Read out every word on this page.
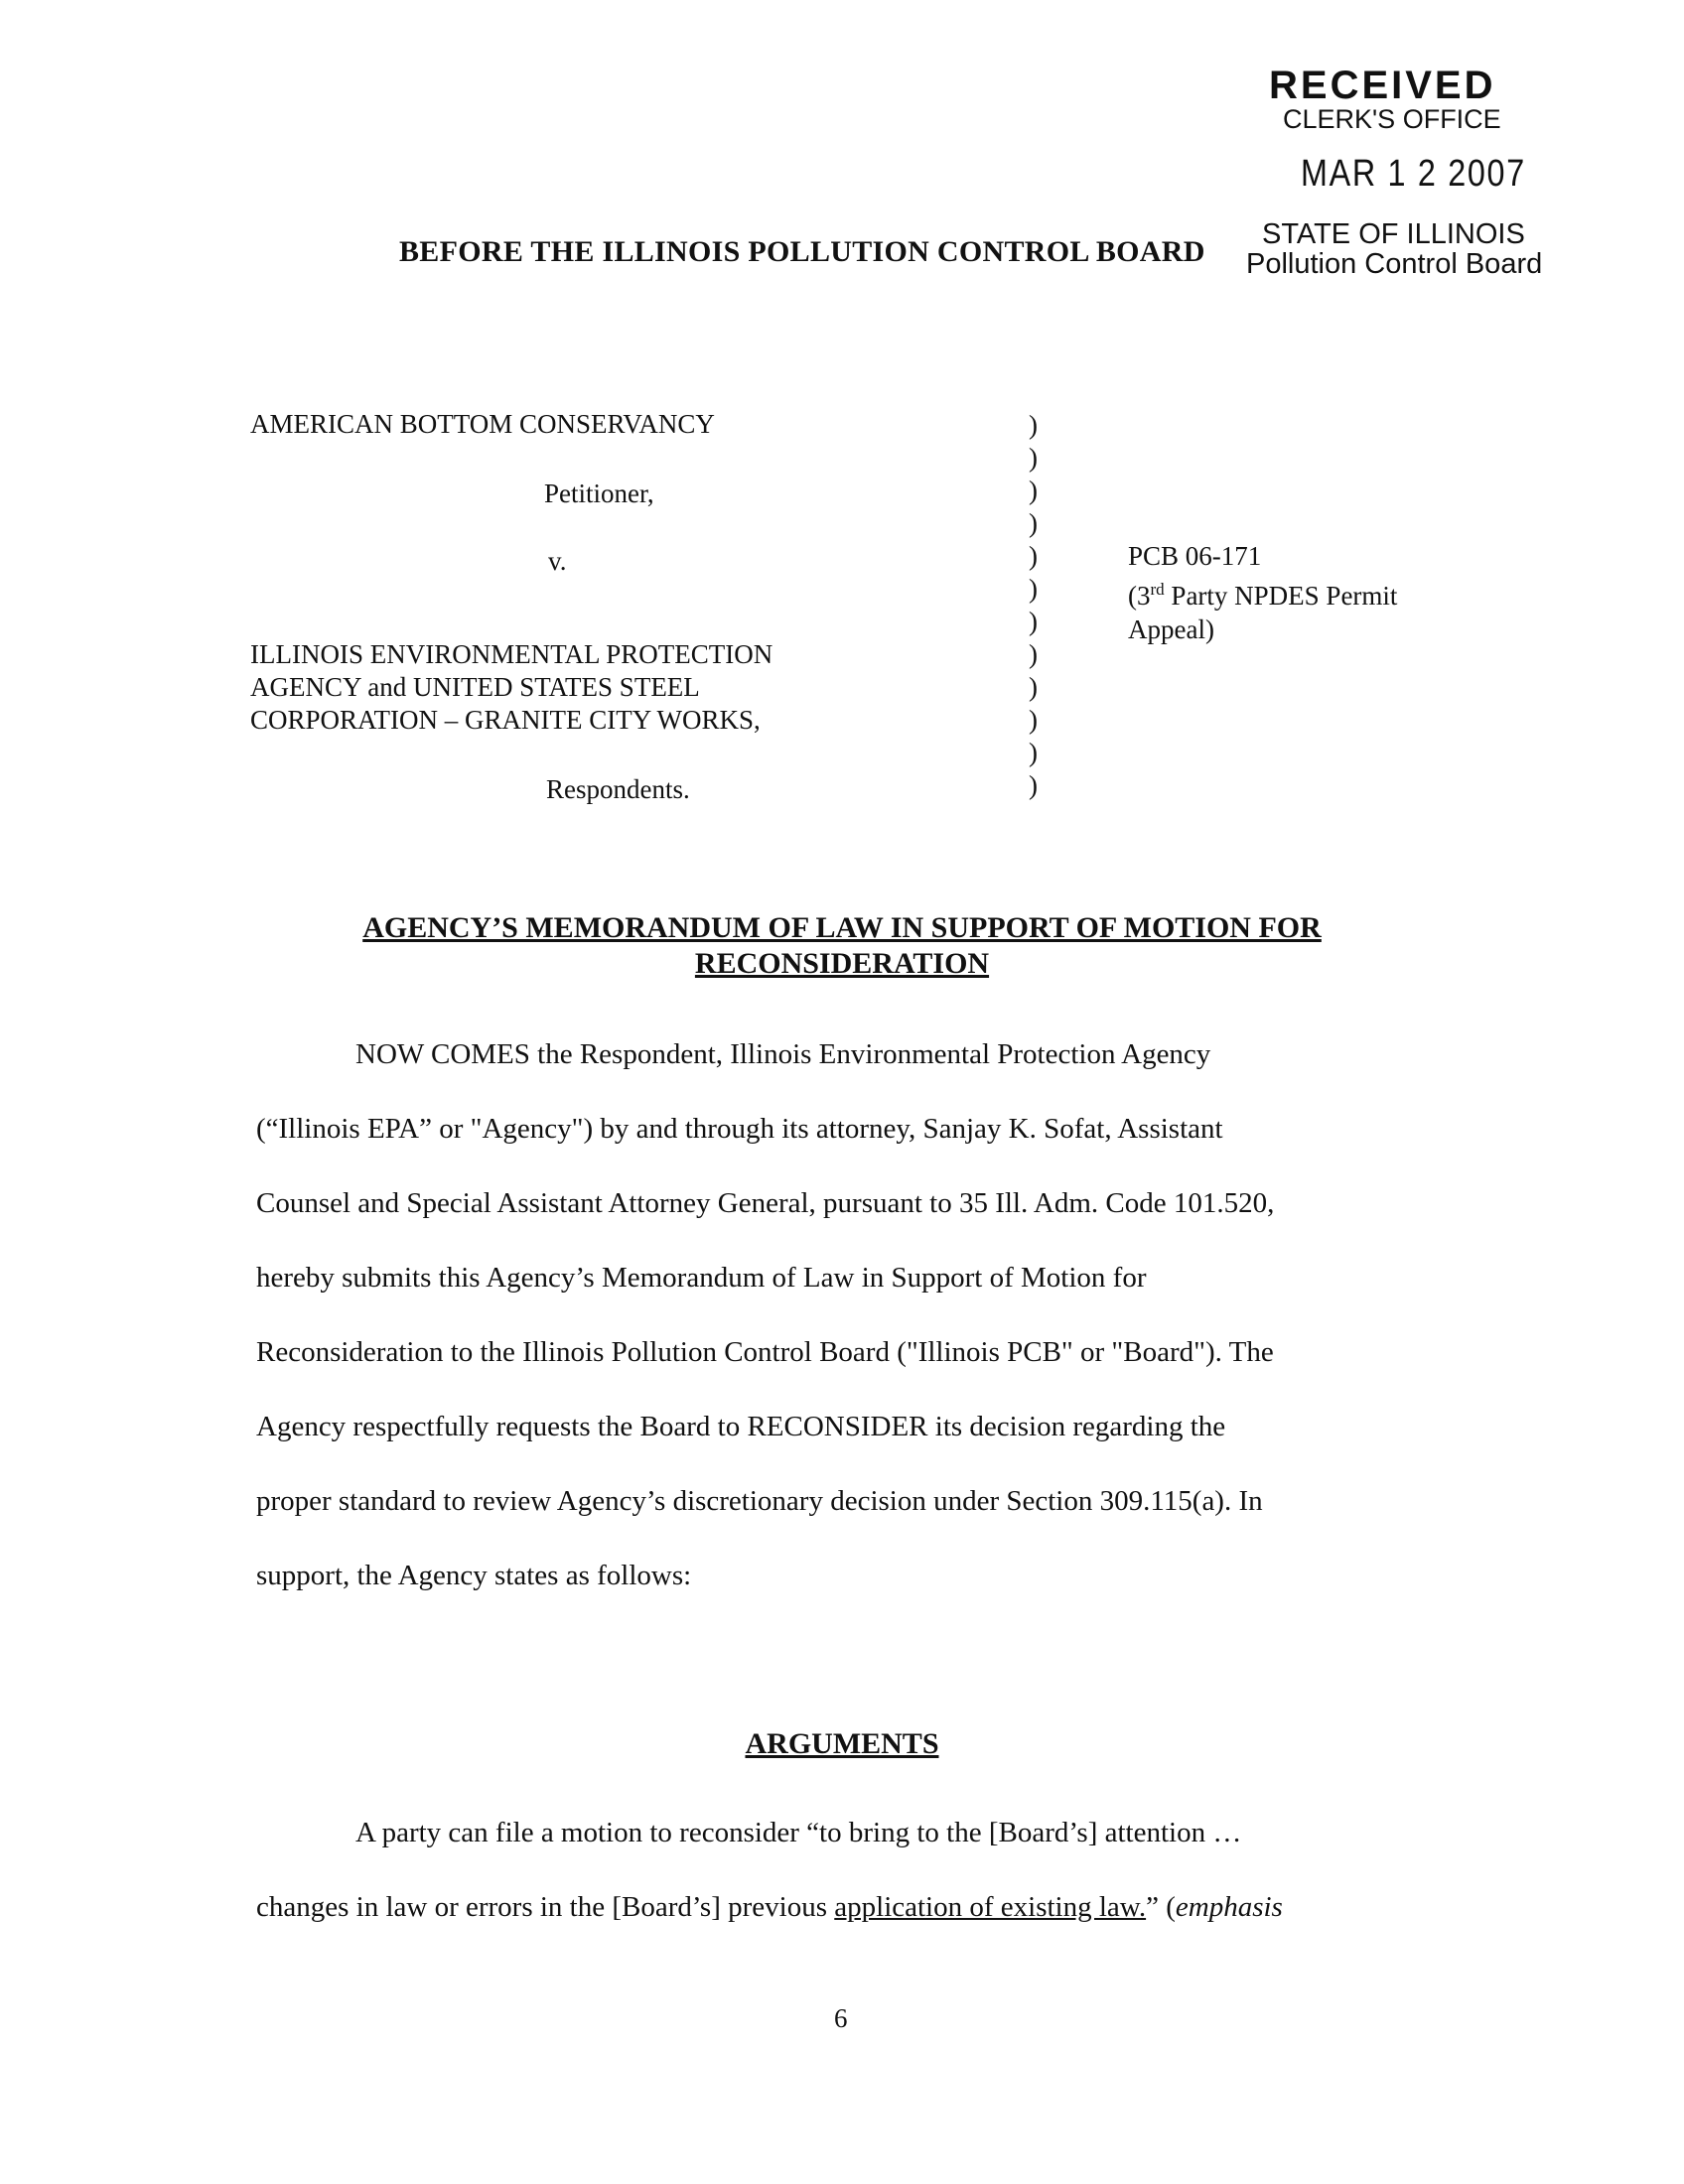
RECEIVED
CLERK'S OFFICE
MAR 1 2 2007
STATE OF ILLINOIS
Pollution Control Board
BEFORE THE ILLINOIS POLLUTION CONTROL BOARD
AMERICAN BOTTOM CONSERVANCY
Petitioner,
v.
ILLINOIS ENVIRONMENTAL PROTECTION
AGENCY and UNITED STATES STEEL
CORPORATION – GRANITE CITY WORKS,
Respondents.
)
)
)
)
)
)
)
)
)
)
)
)
PCB 06-171
(3rd Party NPDES Permit
Appeal)
AGENCY’S MEMORANDUM OF LAW IN SUPPORT OF MOTION FOR
RECONSIDERATION

NOW COMES the Respondent, Illinois Environmental Protection Agency

(“Illinois EPA” or "Agency") by and through its attorney, Sanjay K. Sofat, Assistant

Counsel and Special Assistant Attorney General, pursuant to 35 Ill. Adm. Code 101.520,

hereby submits this Agency’s Memorandum of Law in Support of Motion for

Reconsideration to the Illinois Pollution Control Board ("Illinois PCB" or "Board"). The

Agency respectfully requests the Board to RECONSIDER its decision regarding the

proper standard to review Agency’s discretionary decision under Section 309.115(a). In

support, the Agency states as follows:

ARGUMENTS

A party can file a motion to reconsider “to bring to the [Board’s] attention …

changes in law or errors in the [Board’s] previous application of existing law.” (emphasis

6
